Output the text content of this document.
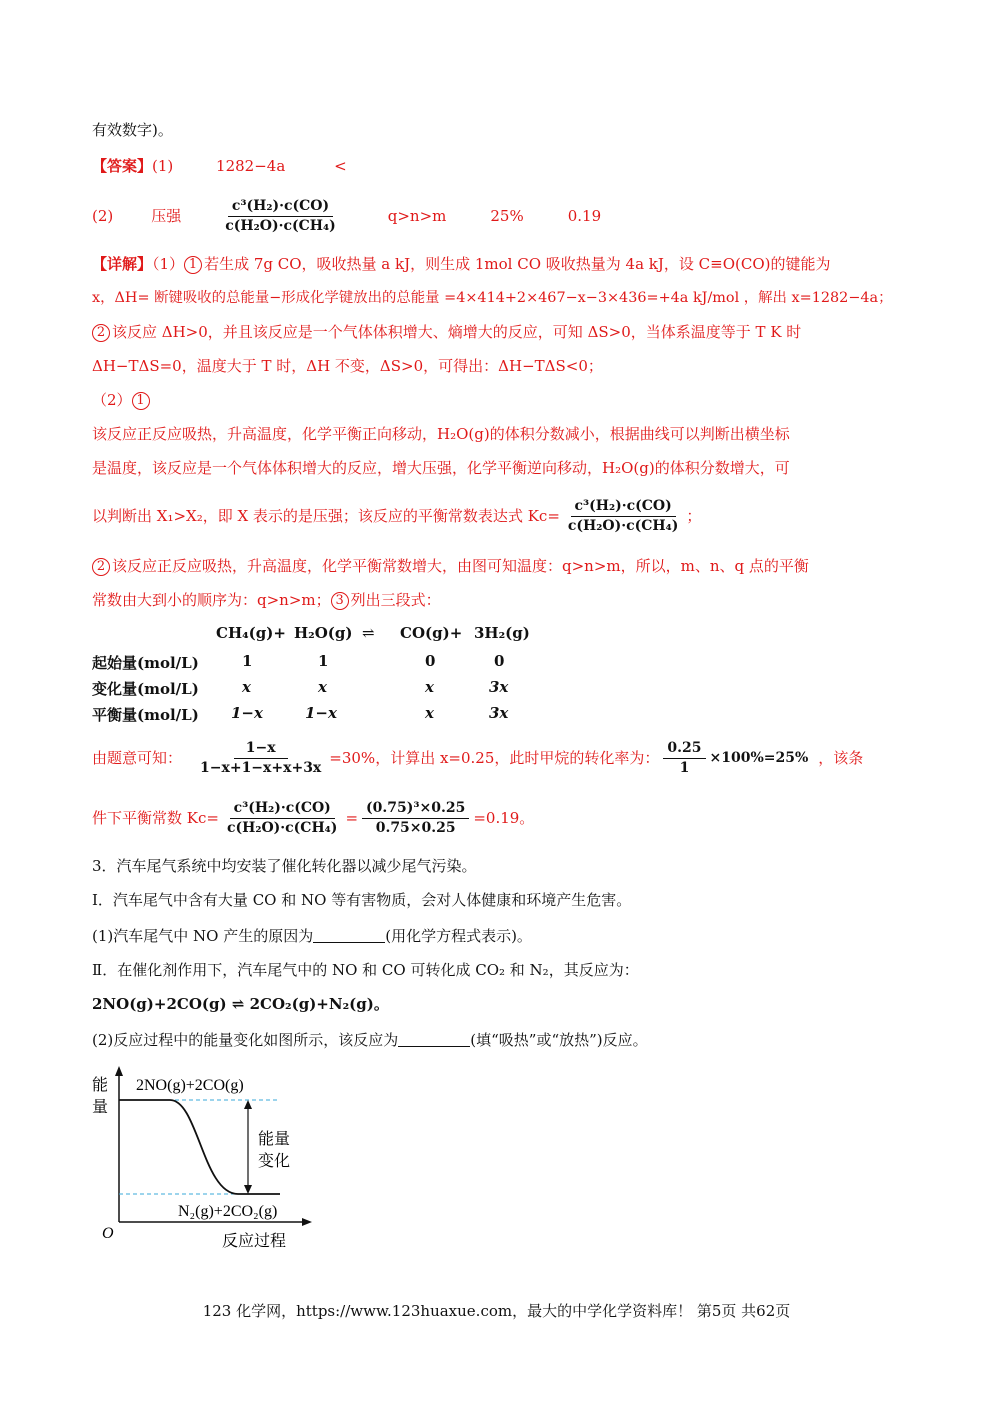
有效数字)。
【答案】(1)	1282−4a	<
(2)	压强	$\frac{\text{c³(H₂)·c(CO)}}{\text{c(H₂O)·c(CH₄)}}$	q>n>m	25%	0.19
【详解】（1） 1 若生成 7g CO，吸收热量 a kJ，则生成 1mol CO 吸收热量为 4a kJ，设 C≡O(CO)的键能为
x，ΔH= 断键吸收的总能量−形成化学键放出的总能量 =4×414+2×467−x−3×436=+4a kJ/mol ，解出 x=1282−4a；
2 该反应 ΔH>0，并且该反应是一个气体体积增大、熵增大的反应，可知 ΔS>0，当体系温度等于 T K 时
ΔH−TΔS=0，温度大于 T 时，ΔH 不变，ΔS>0，可得出：ΔH−TΔS<0；
（2） 1
该反应正反应吸热，升高温度，化学平衡正向移动，H₂O(g)的体积分数减小，根据曲线可以判断出横坐标
是温度，该反应是一个气体体积增大的反应，增大压强，化学平衡逆向移动，H₂O(g)的体积分数增大，可
以判断出 X₁>X₂，即 X 表示的是压强；该反应的平衡常数表达式 $Kc= \frac{\text{c³(H₂)·c(CO)}}{\text{c(H₂O)·c(CH₄)}}$ ；
2 该反应正反应吸热，升高温度，化学平衡常数增大，由图可知温度：q>n>m，所以，m、n、q 点的平衡
常数由大到小的顺序为：q>n>m； 3 列出三段式：
CH₄(g)+ H₂O(g) ⇌ CO(g)+ 3H₂(g)
起始量(mol/L)	1	1	0	0
变化量(mol/L)	x	x	x	3x
平衡量(mol/L) 1−x	1−x	x	3x
由题意可知： $\frac{1-x}{1-x+1-x+x+3x} =30\%$，计算出 x=0.25，此时甲烷的转化率为： $\frac{0.25}{1} \times 100\%=25\%$ ，该条
件下平衡常数 $Kc= \frac{\text{c³(H₂)·c(CO)}}{\text{c(H₂O)·c(CH₄)}} = \frac{\text{(0.75)³×0.25}}{0.75\times 0.25} =0.19$。
3．汽车尾气系统中均安装了催化转化器以减少尾气污染。
Ⅰ．汽车尾气中含有大量 CO 和 NO 等有害物质，会对人体健康和环境产生危害。
(1)汽车尾气中 NO 产生的原因为	(用化学方程式表示)。
Ⅱ．在催化剂作用下，汽车尾气中的 NO 和 CO 可转化成 CO₂ 和 N₂，其反应为：
2NO(g)+2CO(g) ⇌ 2CO₂(g)+N₂(g)。
(2)反应过程中的能量变化如图所示，该反应为	(填“吸热”或“放热”)反应。
能 量
2NO(g)+2CO(g)
N₂(g)+2CO₂(g)
能量 变化
O	反应过程
123 化学网，https://www.123huaxue.com，最大的中学化学资料库！ 第5页 共62页
